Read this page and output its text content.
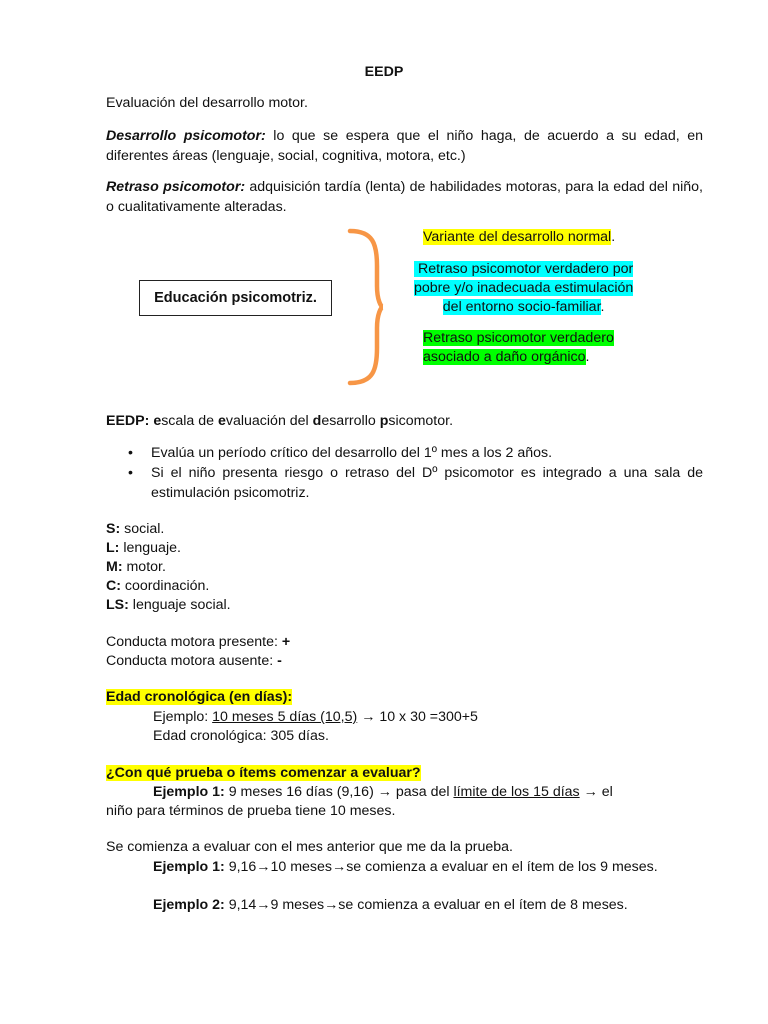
EEDP
Evaluación del desarrollo motor.
Desarrollo psicomotor: lo que se espera que el niño haga, de acuerdo a su edad, en diferentes áreas (lenguaje, social, cognitiva, motora, etc.)
Retraso psicomotor: adquisición tardía (lenta) de habilidades motoras, para la edad del niño, o cualitativamente alteradas.
Educación psicomotriz.
Variante del desarrollo normal.
Retraso psicomotor verdadero por
pobre y/o inadecuada estimulación
del entorno socio-familiar.
Retraso psicomotor verdadero
asociado a daño orgánico.
EEDP: escala de evaluación del desarrollo psicomotor.
• Evalúa un período crítico del desarrollo del 1º mes a los 2 años.
• Si el niño presenta riesgo o retraso del Dº psicomotor es integrado a una sala de estimulación psicomotriz.
S: social.
L: lenguaje.
M: motor.
C: coordinación.
LS: lenguaje social.
Conducta motora presente: +
Conducta motora ausente: -
Edad cronológica (en días):
Ejemplo: 10 meses 5 días (10,5) → 10 x 30 =300+5
Edad cronológica: 305 días.
¿Con qué prueba o ítems comenzar a evaluar?
Ejemplo 1: 9 meses 16 días (9,16) → pasa del límite de los 15 días → el
niño para términos de prueba tiene 10 meses.
Se comienza a evaluar con el mes anterior que me da la prueba.
Ejemplo 1: 9,16→10 meses→se comienza a evaluar en el ítem de los 9 meses.
Ejemplo 2: 9,14→9 meses→se comienza a evaluar en el ítem de 8 meses.
